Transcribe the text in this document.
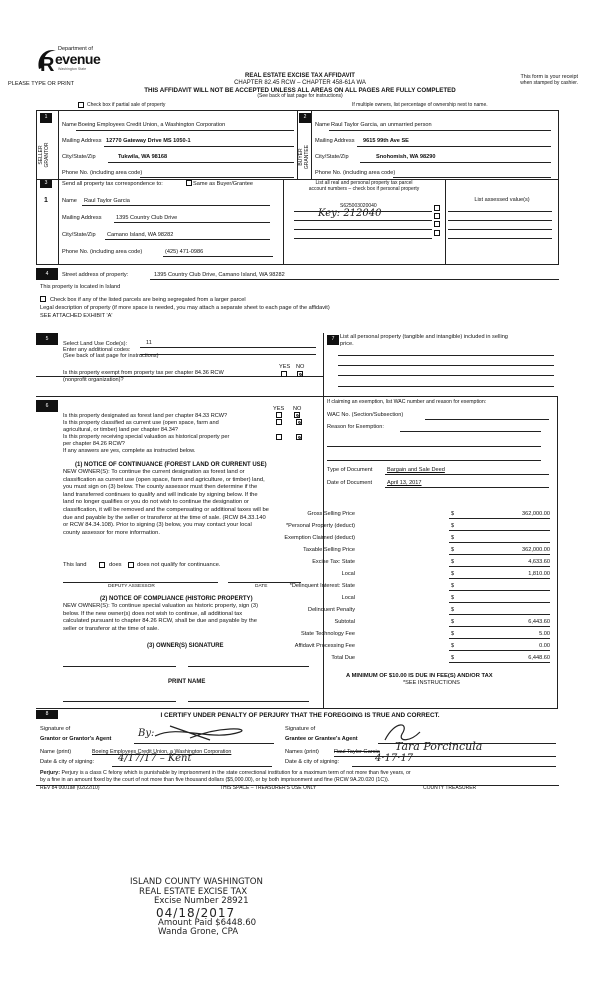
R
Department of
evenue
Washington State
PLEASE TYPE OR PRINT
REAL ESTATE EXCISE TAX AFFIDAVIT
CHAPTER 82.45 RCW – CHAPTER 458-61A WA
THIS AFFIDAVIT WILL NOT BE ACCEPTED UNLESS ALL AREAS ON ALL PAGES ARE FULLY COMPLETED
(See back of last page for instructions)
This form is your receipt
when stamped by cashier.
Check box if partial sale of property	If multiple owners, list percentage of ownership next to name.
1
SELLER GRANTOR
Name Boeing Employees Credit Union, a Washington Corporation
Mailing Address 12770 Gateway Drive MS 1050-1
City/State/Zip	Tukwila, WA 98168
Phone No. (including area code)
2
BUYER GRANTEE
Name Raul Taylor Garcia, an unmarried person
Mailing Address 9615 99th Ave SE
City/State/Zip	Snohomish, WA 98290
Phone No. (including area code)
3	Send all property tax correspondence to:	Same as Buyer/Grantee
1	Name Raul Taylor Garcia
Mailing Address	1395 Country Club Drive
City/State/Zip Camano Island, WA 98282
Phone No. (including area code)	(425) 471-0986
List all real and personal property tax parcel
account numbers – check box if personal property
S625003020040
Key: 212040
List assessed value(s)
4	Street address of property:	1395 Country Club Drive, Camano Island, WA 98282
This property is located in Island
Check box if any of the listed parcels are being segregated from a larger parcel
Legal description of property (if more space is needed, you may attach a separate sheet to each page of the affidavit)
SEE ATTACHED EXHIBIT 'A'
5
Select Land Use Code(s):	11
Enter any additional codes:
(See back of last page for instructions)
YES NO
Is this property exempt from property tax per chapter 84.36 RCW
(nonprofit organization)?
7	List all personal property (tangible and intangible) included in selling
price.
6	YES NO
Is this property designated as forest land per chapter 84.33 RCW?
Is this property classified as current use (open space, farm and
agricultural, or timber) land per chapter 84.34?
Is this property receiving special valuation as historical property per
per chapter 84.26 RCW?
If any answers are yes, complete as instructed below.
(1) NOTICE OF CONTINUANCE (FOREST LAND OR CURRENT USE)
NEW OWNER(S): To continue the current designation as forest land or
classification as current use (open space, farm and agriculture, or timber) land,
you must sign on (3) below. The county assessor must then determine if the
land transferred continues to qualify and will indicate by signing below. If the
land no longer qualifies or you do not wish to continue the designation or
classification, it will be removed and the compensating or additional taxes will be
due and payable by the seller or transferor at the time of sale. (RCW 84.33.140
or RCW 84.34.108). Prior to signing (3) below, you may contact your local
county assessor for more information.
This land	does	does not qualify for continuance.
DEPUTY ASSESSOR	DATE
(2) NOTICE OF COMPLIANCE (HISTORIC PROPERTY)
NEW OWNER(S): To continue special valuation as historic property, sign (3)
below. If the new owner(s) does not wish to continue, all additional tax
calculated pursuant to chapter 84.26 RCW, shall be due and payable by the
seller or transferor at the time of sale.
(3) OWNER(S) SIGNATURE
PRINT NAME
If claiming an exemption, list WAC number and reason for exemption:
WAC No. (Section/Subsection)
Reason for Exemption:
Type of Document	Bargain and Sale Deed
Date of Document	April 13, 2017
Gross Selling Price	$	362,000.00
*Personal Property (deduct)	$
Exemption Claimed (deduct)	$
Taxable Selling Price	$	362,000.00
Excise Tax: State	$	4,633.60
Local	$	1,810.00
*Delinquent Interest: State	$
Local	$
Delinquent Penalty	$
Subtotal	$	6,443.60
State Technology Fee	$	5.00
Affidavit Processing Fee	$	0.00
Total Due	$	6,448.60
A MINIMUM OF $10.00 IS DUE IN FEE(S) AND/OR TAX
*SEE INSTRUCTIONS
8	I CERTIFY UNDER PENALTY OF PERJURY THAT THE FOREGOING IS TRUE AND CORRECT.
Signature of
Grantor or Grantor's Agent	By:	Signature of
Grantee or Grantee's Agent
Name (print)	Boeing Employees Credit Union, a Washington Corporation	Names (print)	Raul Taylor Garcia Tara Porcincula
Date & city of signing: 4/17/17 – Kent	Date & city of signing:	4·17·17
Perjury: Perjury is a class C felony which is punishable by imprisonment in the state correctional institution for a maximum term of not more than five years, or
by a fine in an amount fixed by the court of not more than five thousand dollars ($5,000.00), or by both imprisonment and fine (RCW 9A.20.020 (1C)).
REV 84 0001ae (02/22/10)	THIS SPACE – TREASURER'S USE ONLY	COUNTY TREASURER
ISLAND COUNTY WASHINGTON
REAL ESTATE EXCISE TAX
Excise Number 28921
04/18/2017
Amount Paid $6448.60
Wanda Grone, CPA
